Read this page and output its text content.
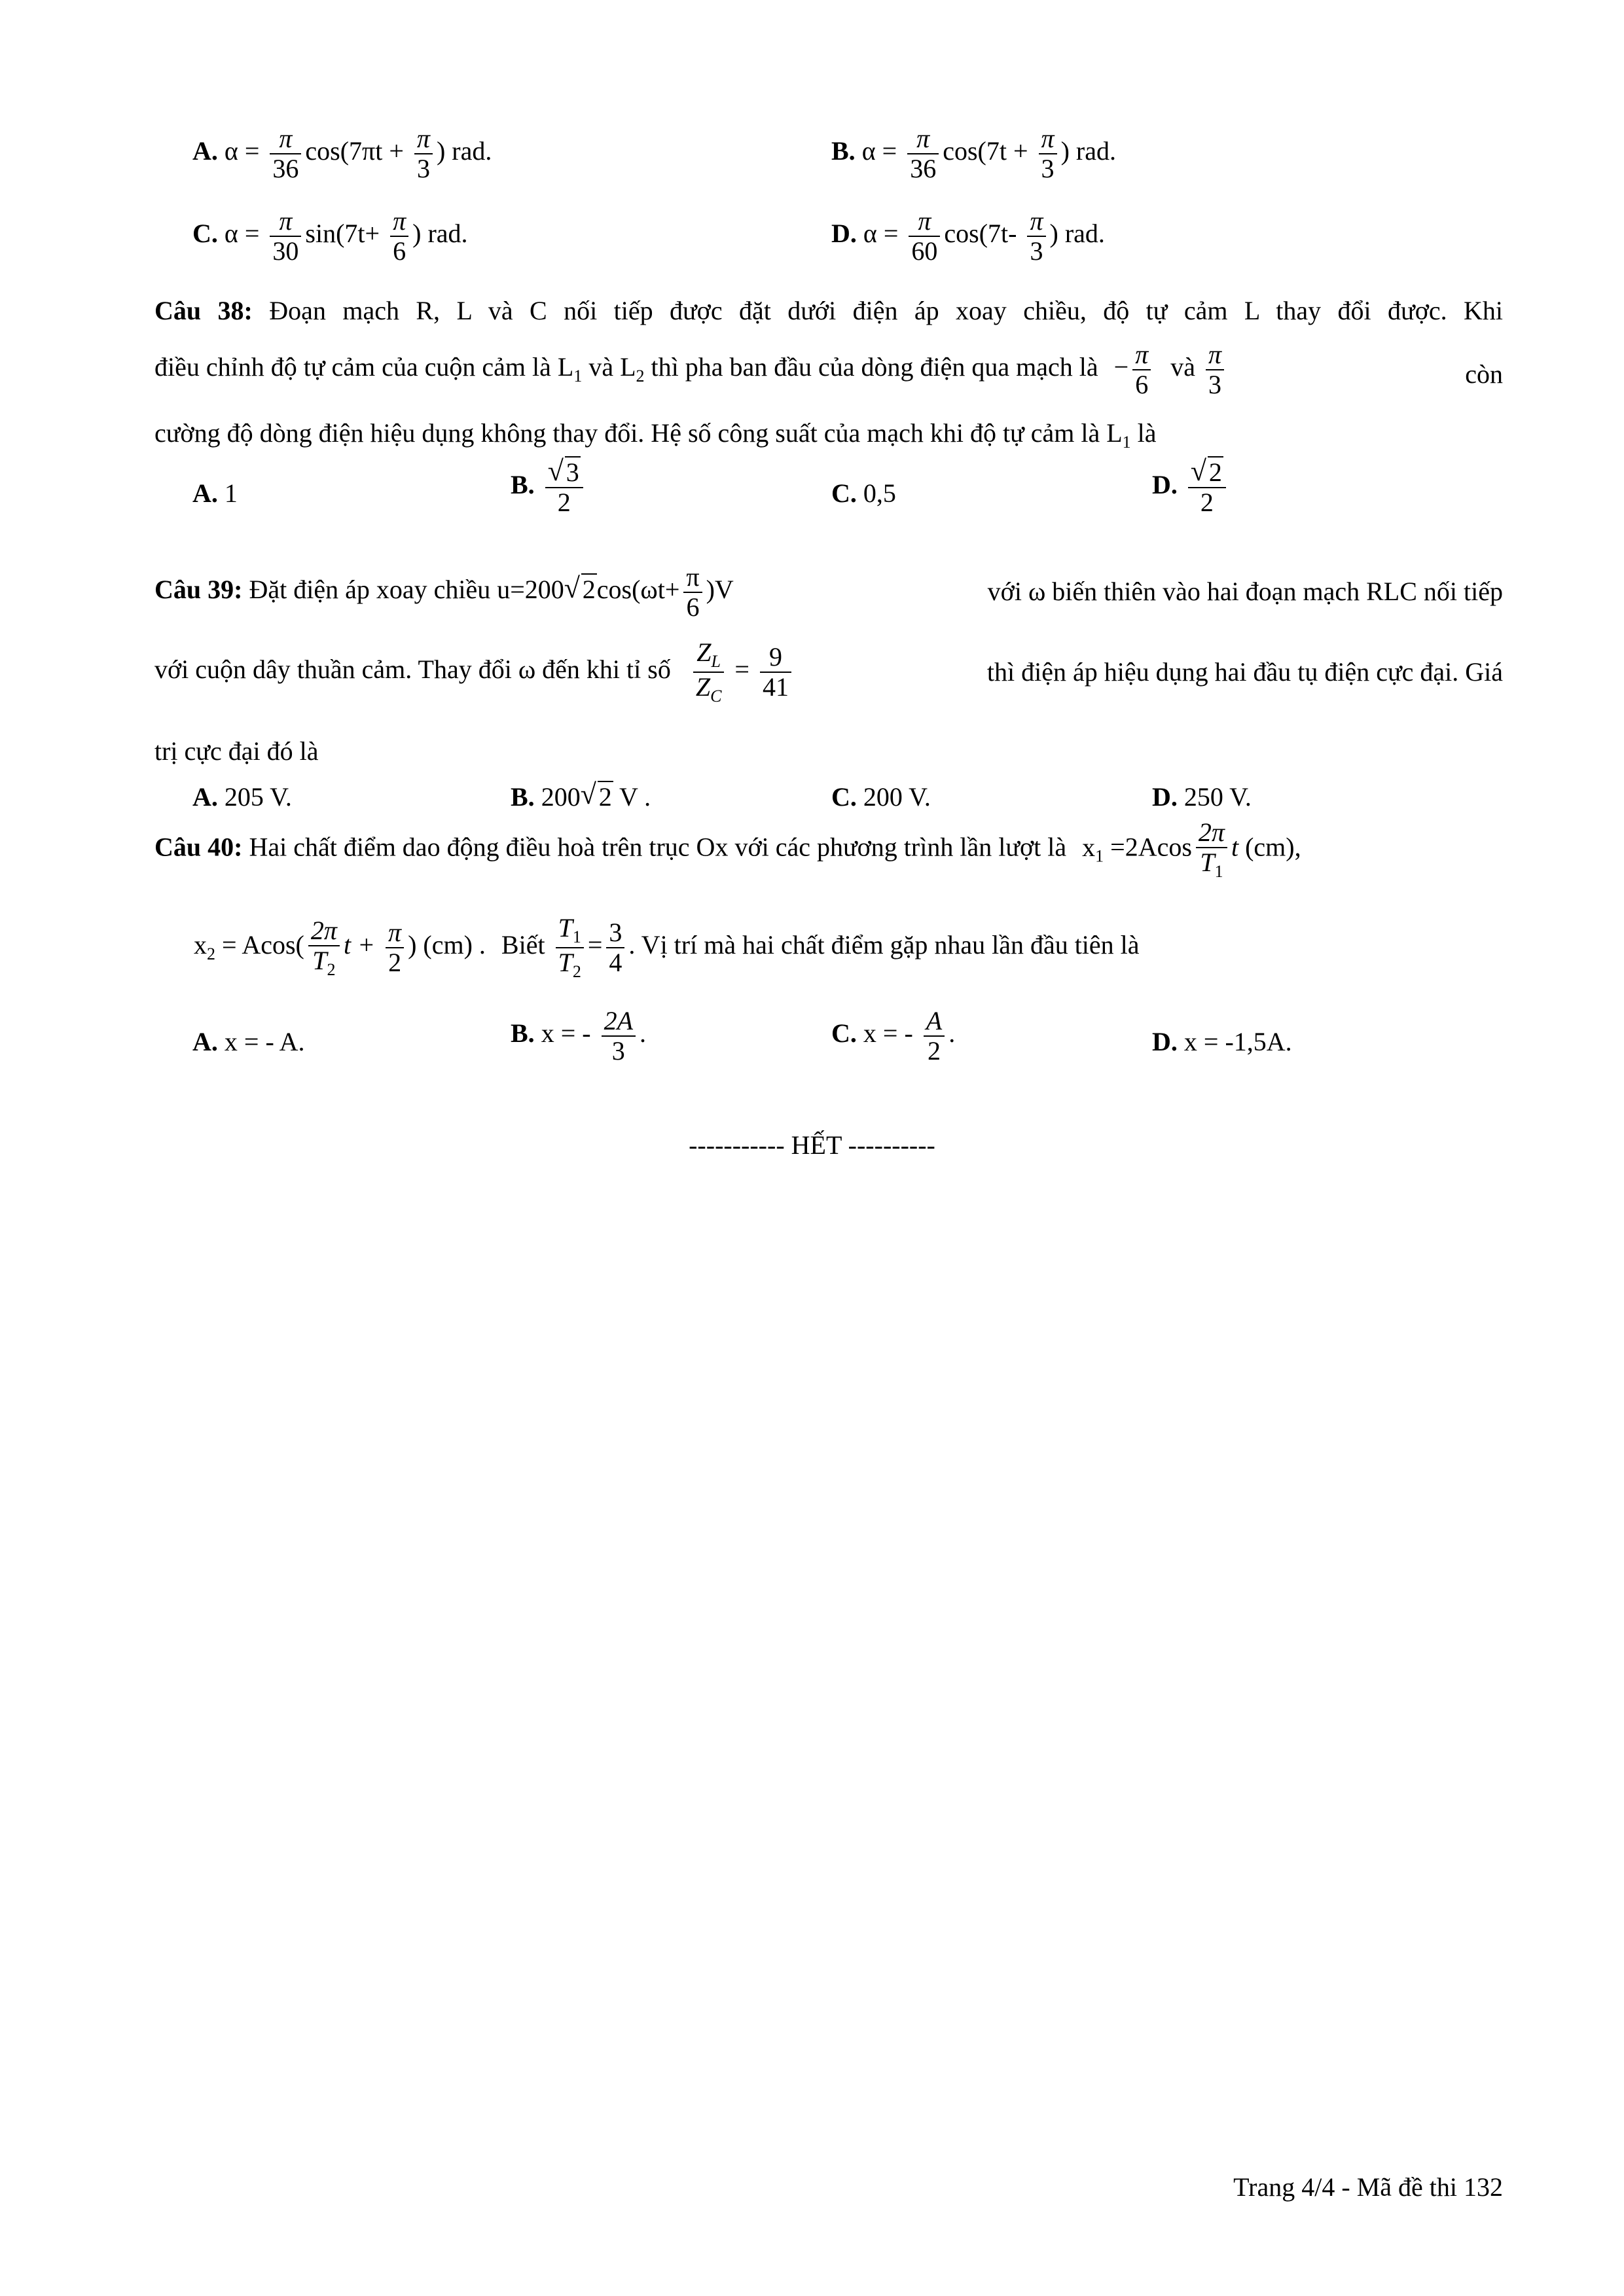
A. $\alpha = \frac{\pi}{36} \cos(7\pi t + \frac{\pi}{3}$ ) rad.	B. $\alpha = \frac{\pi}{36} \cos(7t + \frac{\pi}{3}$ ) rad.
C. $\alpha = \frac{\pi}{30} \sin(7t+ \frac{\pi}{6}$ ) rad.	D. $\alpha = \frac{\pi}{60} \cos(7t- \frac{\pi}{3}$ ) rad.
Câu 38: Đoạn mạch R, L và C nối tiếp được đặt dưới điện áp xoay chiều, độ tự cảm L thay đổi được. Khi
điều chỉnh độ tự cảm của cuộn cảm là $L_1$ và $L_2$ thì pha ban đầu của dòng điện qua mạch là − $\frac{\pi}{6}$ và $\frac{\pi}{3}$	còn
cường độ dòng điện hiệu dụng không thay đổi. Hệ số công suất của mạch khi độ tự cảm là $L_1$ là
A. 1	B. √ $\frac{3}{2}$	C. 0,5	D. √ $\frac{2}{2}$
Câu 39: Đặt điện áp xoay chiều u=200 √ $2\cos(\omega t+ \frac{\pi}{6} )V$	với ω biến thiên vào hai đoạn mạch RLC nối tiếp
với cuộn dây thuần cảm. Thay đổi ω đến khi tỉ số $\frac{Z_L}{Z_C} = \frac{9}{41}$	thì điện áp hiệu dụng hai đầu tụ điện cực đại. Giá
trị cực đại đó là
A. 205 V.	B. 200 √ 2 V .	C. 200 V.	D. 250 V.
Câu 40: Hai chất điểm dao động điều hoà trên trục Ox với các phương trình lần lượt là $x_1 =2Acos \frac{2\pi}{T_1}$ t (cm),
$x_2 = Acos( \frac{2\pi}{T_2}$ $t + \frac{\pi}{2}$ ) (cm) . Biết $\frac{T_1}{T_2} = \frac{3}{4}$ . Vị trí mà hai chất điểm gặp nhau lần đầu tiên là
A. x = - A.	B. x = - $\frac{2A}{3}$ .	C. x = - $\frac{A}{2}$ .	D. x = -1,5A.
----------- HẾT ----------
Trang 4/4 - Mã đề thi 132
